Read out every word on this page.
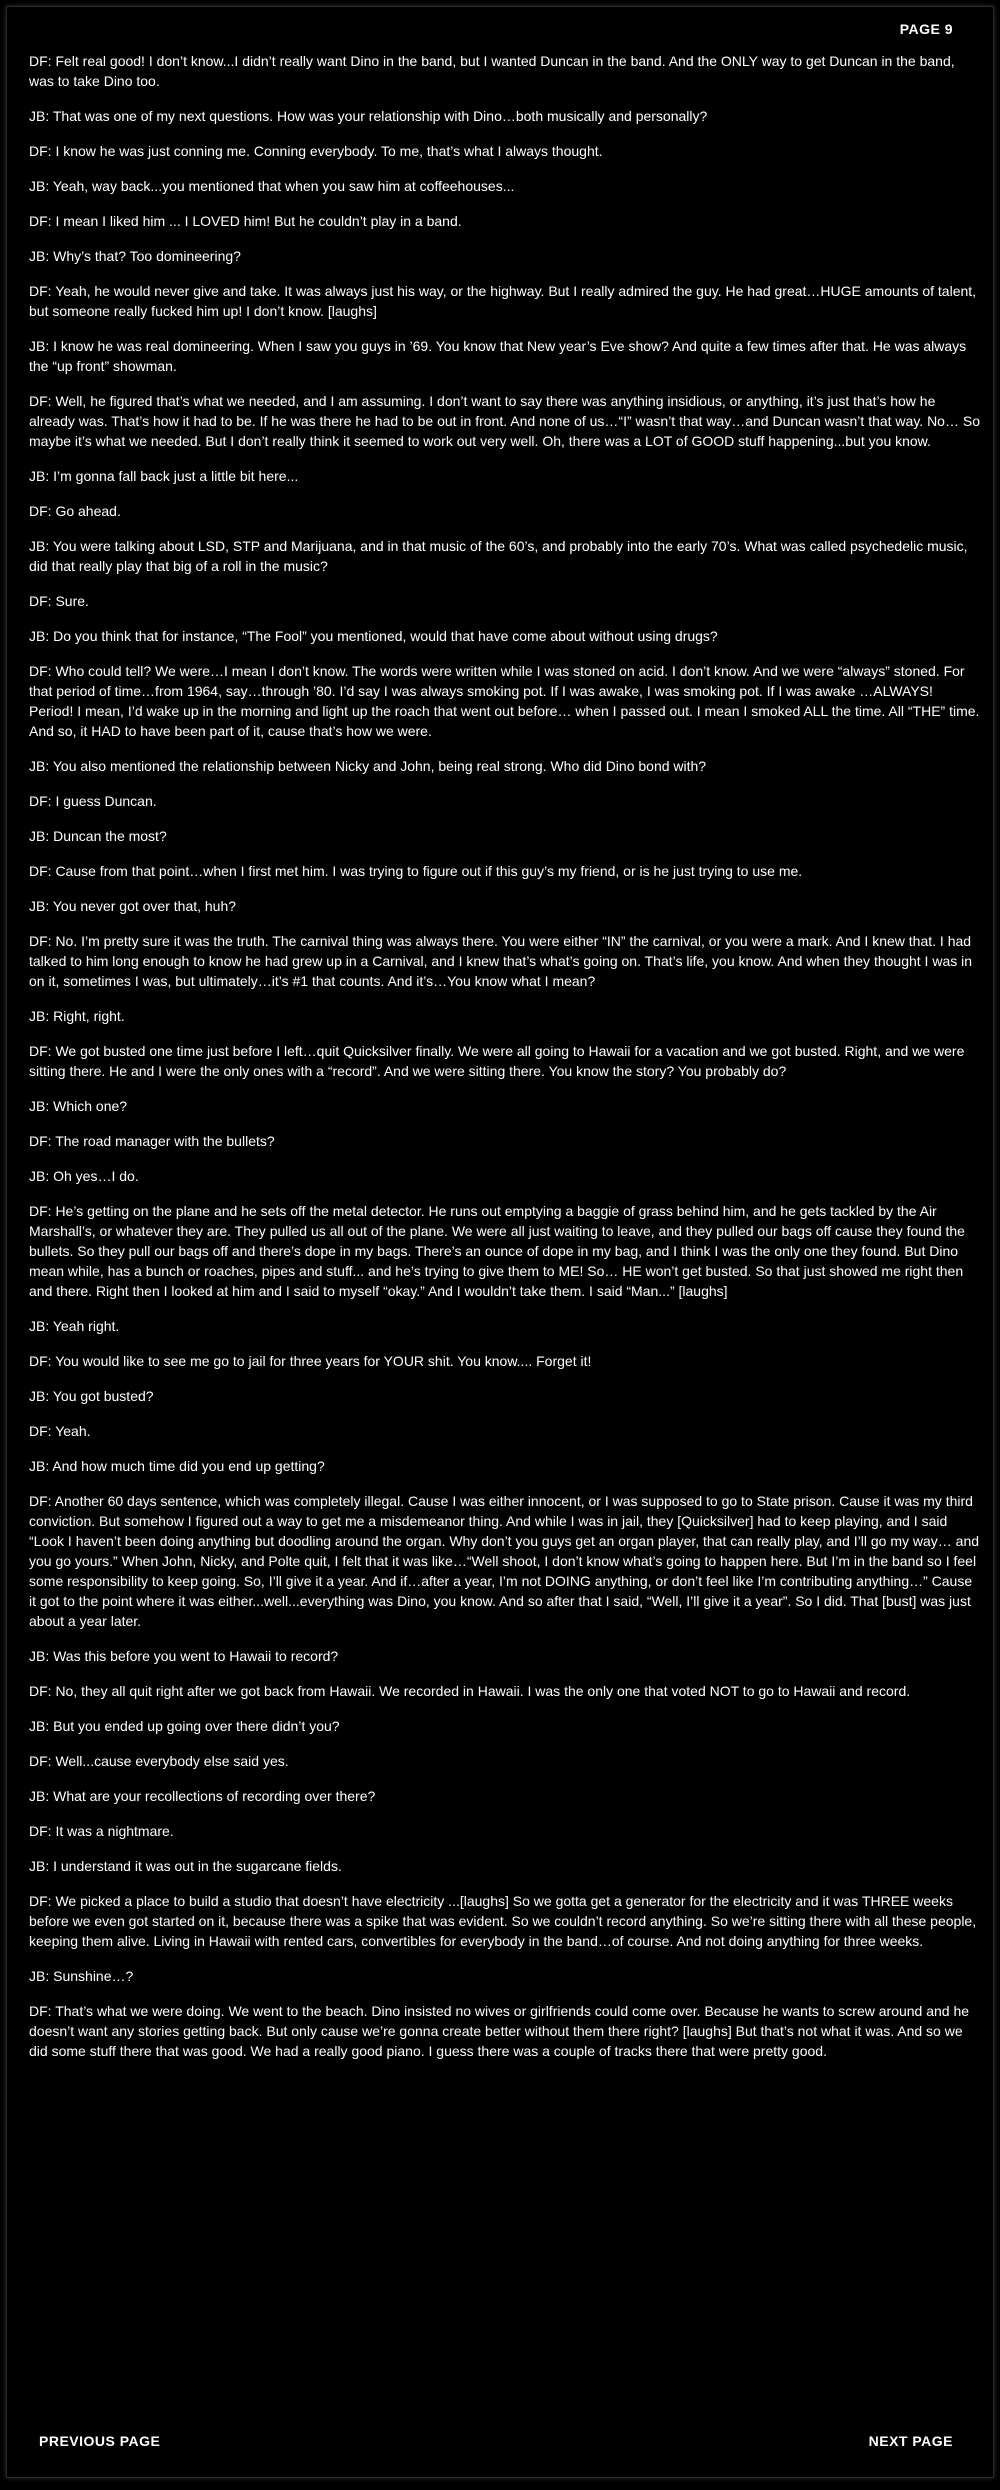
PAGE 9

DF: Felt real good! I don’t know...I didn’t really want Dino in the band, but I wanted Duncan in the band. And the ONLY way to get Duncan in the band, was to take Dino too.

JB: That was one of my next questions. How was your relationship with Dino…both musically and personally?

DF: I know he was just conning me. Conning everybody. To me, that’s what I always thought.

JB: Yeah, way back...you mentioned that when you saw him at coffeehouses...

DF: I mean I liked him ... I LOVED him! But he couldn’t play in a band.

JB: Why’s that? Too domineering?

DF: Yeah, he would never give and take. It was always just his way, or the highway. But I really admired the guy. He had great…HUGE amounts of talent, but someone really fucked him up! I don’t know. [laughs]

JB: I know he was real domineering. When I saw you guys in ’69. You know that New year’s Eve show? And quite a few times after that. He was always the “up front” showman.

DF: Well, he figured that’s what we needed, and I am assuming. I don’t want to say there was anything insidious, or anything, it’s just that’s how he already was. That’s how it had to be. If he was there he had to be out in front. And none of us…“I” wasn’t that way…and Duncan wasn’t that way. No… So maybe it’s what we needed. But I don’t really think it seemed to work out very well. Oh, there was a LOT of GOOD stuff happening...but you know.

JB: I’m gonna fall back just a little bit here...

DF: Go ahead.

JB: You were talking about LSD, STP and Marijuana, and in that music of the 60’s, and probably into the early 70’s. What was called psychedelic music, did that really play that big of a roll in the music?

DF: Sure.

JB: Do you think that for instance, “The Fool” you mentioned, would that have come about without using drugs?

DF: Who could tell? We were…I mean I don’t know. The words were written while I was stoned on acid. I don’t know. And we were “always” stoned. For that period of time…from 1964, say…through ’80. I’d say I was always smoking pot. If I was awake, I was smoking pot. If I was awake …ALWAYS! Period! I mean, I’d wake up in the morning and light up the roach that went out before… when I passed out. I mean I smoked ALL the time. All “THE” time. And so, it HAD to have been part of it, cause that’s how we were.

JB: You also mentioned the relationship between Nicky and John, being real strong. Who did Dino bond with?

DF: I guess Duncan.

JB: Duncan the most?

DF: Cause from that point…when I first met him. I was trying to figure out if this guy’s my friend, or is he just trying to use me.

JB: You never got over that, huh?

DF: No. I’m pretty sure it was the truth. The carnival thing was always there. You were either “IN” the carnival, or you were a mark. And I knew that. I had talked to him long enough to know he had grew up in a Carnival, and I knew that’s what’s going on. That’s life, you know. And when they thought I was in on it, sometimes I was, but ultimately…it’s #1 that counts. And it’s…You know what I mean?

JB: Right, right.

DF: We got busted one time just before I left…quit Quicksilver finally. We were all going to Hawaii for a vacation and we got busted. Right, and we were sitting there. He and I were the only ones with a “record”. And we were sitting there. You know the story? You probably do?

JB: Which one?

DF: The road manager with the bullets?

JB: Oh yes…I do.

DF: He’s getting on the plane and he sets off the metal detector. He runs out emptying a baggie of grass behind him, and he gets tackled by the Air Marshall’s, or whatever they are. They pulled us all out of the plane. We were all just waiting to leave, and they pulled our bags off cause they found the bullets. So they pull our bags off and there’s dope in my bags. There’s an ounce of dope in my bag, and I think I was the only one they found. But Dino mean while, has a bunch or roaches, pipes and stuff... and he’s trying to give them to ME! So… HE won’t get busted. So that just showed me right then and there. Right then I looked at him and I said to myself “okay.” And I wouldn’t take them. I said “Man...” [laughs]

JB: Yeah right.

DF: You would like to see me go to jail for three years for YOUR shit. You know.... Forget it!

JB: You got busted?

DF: Yeah.

JB: And how much time did you end up getting?

DF: Another 60 days sentence, which was completely illegal. Cause I was either innocent, or I was supposed to go to State prison. Cause it was my third conviction. But somehow I figured out a way to get me a misdemeanor thing. And while I was in jail, they [Quicksilver] had to keep playing, and I said “Look I haven’t been doing anything but doodling around the organ. Why don’t you guys get an organ player, that can really play, and I’ll go my way… and you go yours.” When John, Nicky, and Polte quit, I felt that it was like…“Well shoot, I don’t know what’s going to happen here. But I’m in the band so I feel some responsibility to keep going. So, I’ll give it a year. And if…after a year, I’m not DOING anything, or don’t feel like I’m contributing anything…” Cause it got to the point where it was either...well...everything was Dino, you know. And so after that I said, “Well, I’ll give it a year”. So I did. That [bust] was just about a year later.

JB: Was this before you went to Hawaii to record?

DF: No, they all quit right after we got back from Hawaii. We recorded in Hawaii. I was the only one that voted NOT to go to Hawaii and record.

JB: But you ended up going over there didn’t you?

DF: Well...cause everybody else said yes.

JB: What are your recollections of recording over there?

DF: It was a nightmare.

JB: I understand it was out in the sugarcane fields.

DF: We picked a place to build a studio that doesn’t have electricity ...[laughs] So we gotta get a generator for the electricity and it was THREE weeks before we even got started on it, because there was a spike that was evident. So we couldn’t record anything. So we’re sitting there with all these people, keeping them alive. Living in Hawaii with rented cars, convertibles for everybody in the band…of course. And not doing anything for three weeks.

JB: Sunshine…?

DF: That’s what we were doing. We went to the beach. Dino insisted no wives or girlfriends could come over. Because he wants to screw around and he doesn’t want any stories getting back. But only cause we’re gonna create better without them there right? [laughs] But that’s not what it was. And so we did some stuff there that was good. We had a really good piano. I guess there was a couple of tracks there that were pretty good.

PREVIOUS PAGE	NEXT PAGE
